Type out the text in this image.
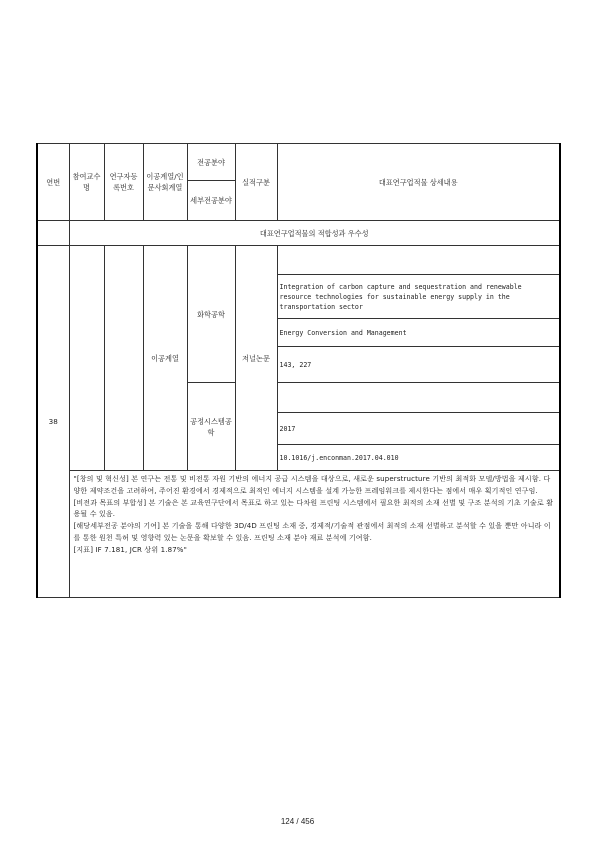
연번	참여교수명	연구자등록번호	이공계열/인문사회계열	전공분야	실적구분	대표연구업적물 상세내용
				세부전공분야		
	대표연구업적물의 적합성과 우수성					
38			이공계열	화학공학	저널논문	
						Integration of carbon capture and sequestration and renewable resource technologies for sustainable energy supply in the transportation sector
						Energy Conversion and Management
						143, 227
				공정시스템공학		
						2017
						10.1016/j.enconman.2017.04.010

	"[창의 및 혁신성] 본 연구는 전통 및 비전통 자원 기반의 에너지 공급 시스템을 대상으로, 새로운 superstructure 기반의 최적화 모델/방법을 제시함. 다양한 제약조건을 고려하여, 주어진 환경에서 경제적으로 최적인 에너지 시스템을 설계 가능한 프레임워크를 제시한다는 점에서 매우 획기적인 연구임.
[비전과 목표의 부합성] 본 기술은 본 교육연구단에서 목표로 하고 있는 다차원 프린팅 시스템에서 필요한 최적의 소재 선별 및 구조 분석의 기초 기술로 활용될 수 있음.
[해당세부전공 분야의 기여] 본 기술을 통해 다양한 3D/4D 프린팅 소재 중, 경제적/기술적 관점에서 최적의 소재 선별하고 분석할 수 있을 뿐만 아니라 이를 통한 원천 특허 및 영향력 있는 논문을 확보할 수 있음. 프린팅 소재 분야 재료 분석에 기여함.
[지표] IF 7.181, JCR 상위 1.87%"					
124 / 456
